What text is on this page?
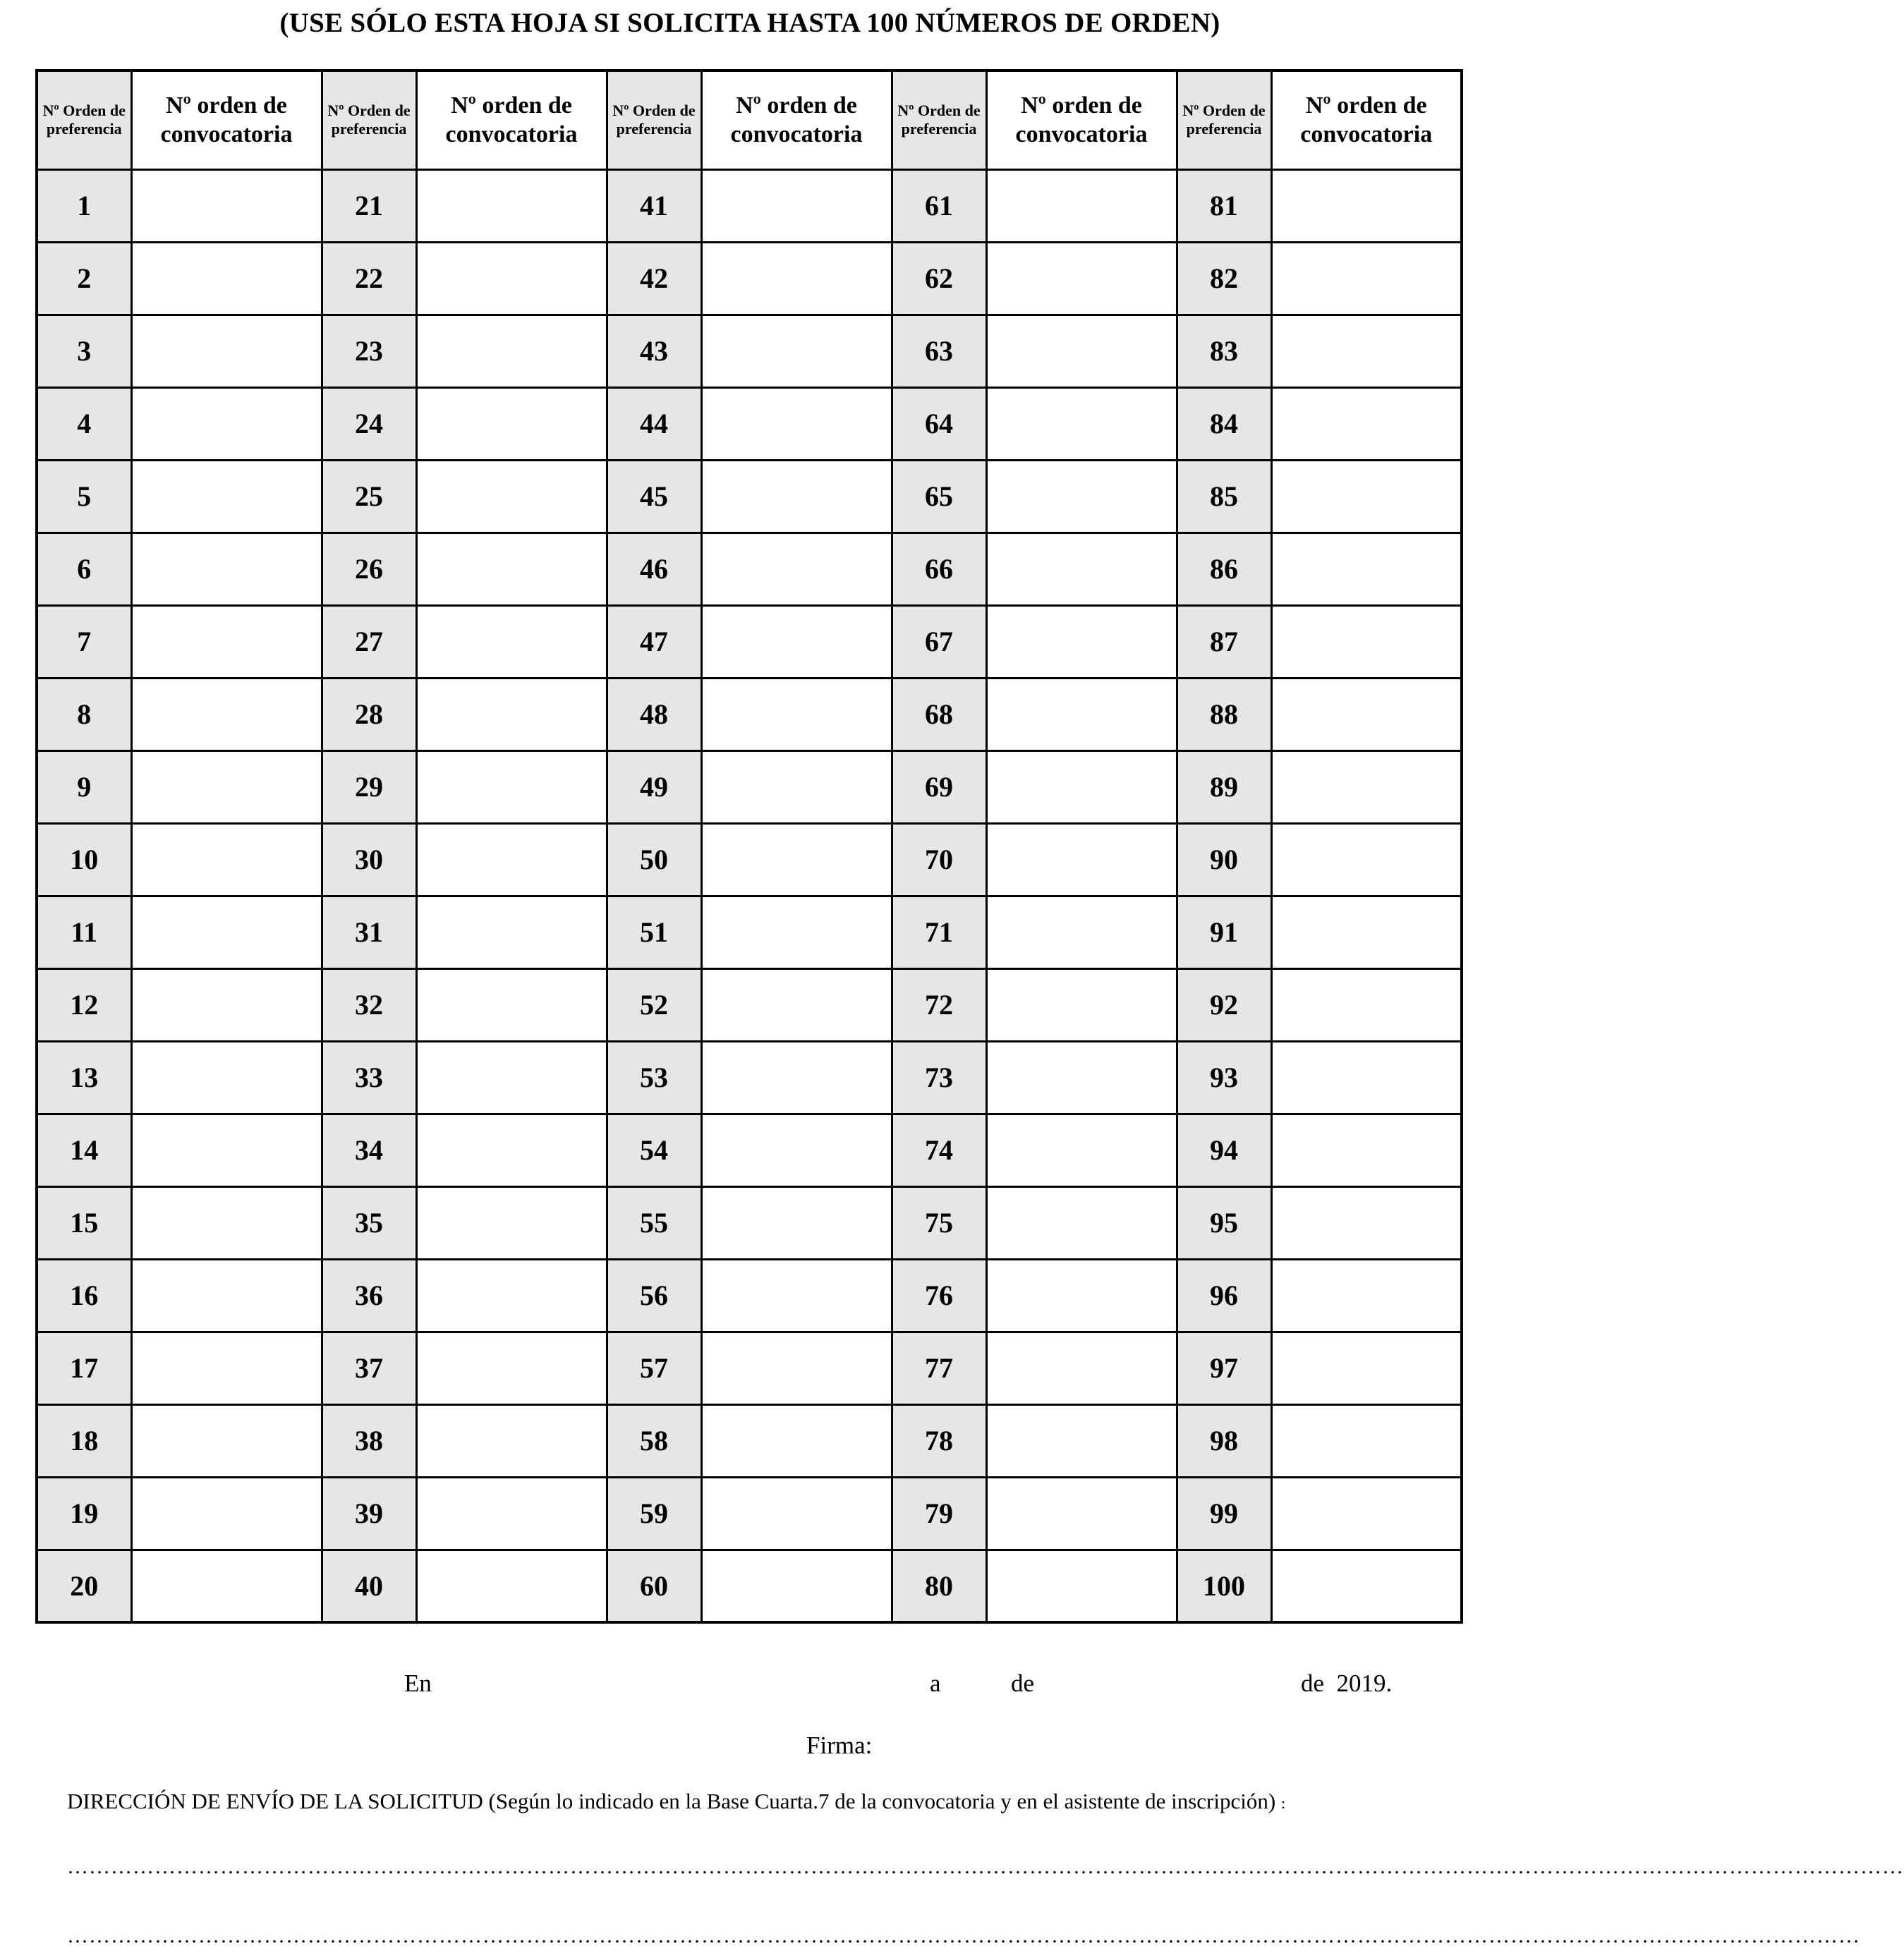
(USE SÓLO ESTA HOJA SI SOLICITA HASTA 100 NÚMEROS DE ORDEN)
Nº Orden de preferencia	Nº orden de convocatoria	Nº Orden de preferencia	Nº orden de convocatoria	Nº Orden de preferencia	Nº orden de convocatoria	Nº Orden de preferencia	Nº orden de convocatoria	Nº Orden de preferencia	Nº orden de convocatoria
1		21		41		61		81	
2		22		42		62		82	
3		23		43		63		83	
4		24		44		64		84	
5		25		45		65		85	
6		26		46		66		86	
7		27		47		67		87	
8		28		48		68		88	
9		29		49		69		89	
10		30		50		70		90	
11		31		51		71		91	
12		32		52		72		92	
13		33		53		73		93	
14		34		54		74		94	
15		35		55		75		95	
16		36		56		76		96	
17		37		57		77		97	
18		38		58		78		98	
19		39		59		79		99	
20		40		60		80		100	
En	a	de	de  2019.
Firma:
DIRECCIÓN DE ENVÍO DE LA SOLICITUD (Según lo indicado en la Base Cuarta.7 de la convocatoria y en el asistente de inscripción) :
………………………………………………………………………………………………………………………………………………………………………………………………………………………………
…………………………………………………………………………………………………………………………………………………………………………………………………………………………
